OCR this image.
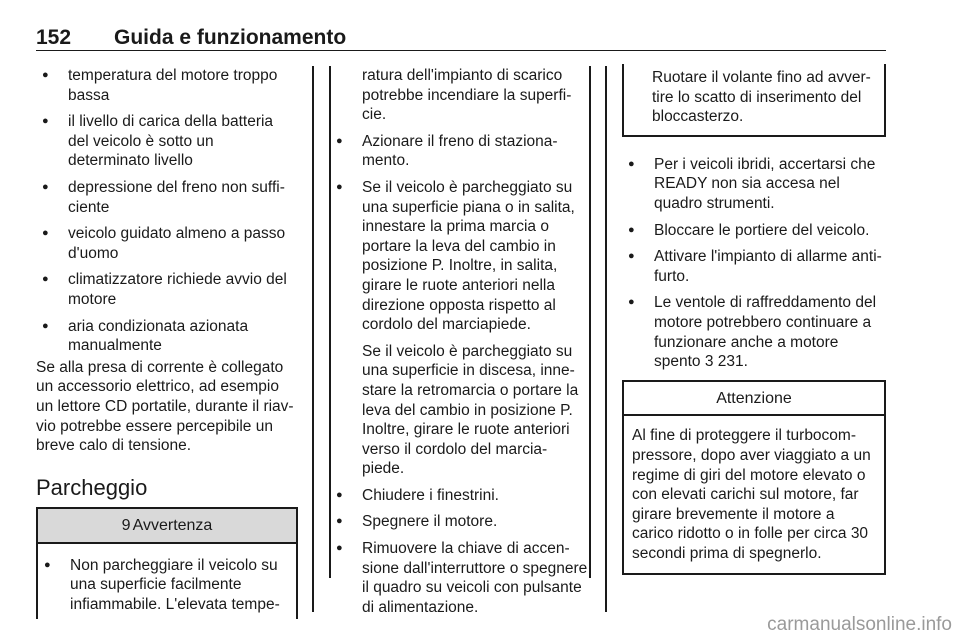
152 Guida e funzionamento
● temperatura del motore troppo bassa
● il livello di carica della batteria del veicolo è sotto un determinato livello
● depressione del freno non suffi-ciente
● veicolo guidato almeno a passo d'uomo
● climatizzatore richiede avvio del motore
● aria condizionata azionata manualmente

Se alla presa di corrente è collegato un accessorio elettrico, ad esempio un lettore CD portatile, durante il riav-vio potrebbe essere percepibile un breve calo di tensione.

Parcheggio
9 Avvertenza
● Non parcheggiare il veicolo su una superficie facilmente infiammabile. L'elevata tempe-

ratura dell'impianto di scarico potrebbe incendiare la superfi-cie.

● Azionare il freno di staziona-mento.
● Se il veicolo è parcheggiato su una superficie piana o in salita, innestare la prima marcia o portare la leva del cambio in posizione P. Inoltre, in salita, girare le ruote anteriori nella direzione opposta rispetto al cordolo del marciapiede.

Se il veicolo è parcheggiato su una superficie in discesa, inne-stare la retromarcia o portare la leva del cambio in posizione P. Inoltre, girare le ruote anteriori verso il cordolo del marcia-piede.

● Chiudere i finestrini.
● Spegnere il motore.
● Rimuovere la chiave di accen-sione dall'interruttore o spegnere il quadro su veicoli con pulsante di alimentazione.
Ruotare il volante fino ad avver-tire lo scatto di inserimento del bloccasterzo.
● Per i veicoli ibridi, accertarsi che READY non sia accesa nel quadro strumenti.
● Bloccare le portiere del veicolo.
● Attivare l'impianto di allarme anti-furto.
● Le ventole di raffreddamento del motore potrebbero continuare a funzionare anche a motore spento 3 231.
Attenzione
Al fine di proteggere il turbocom-pressore, dopo aver viaggiato a un regime di giri del motore elevato o con elevati carichi sul motore, far girare brevemente il motore a carico ridotto o in folle per circa 30 secondi prima di spegnerlo.
carmanualsonline.info
